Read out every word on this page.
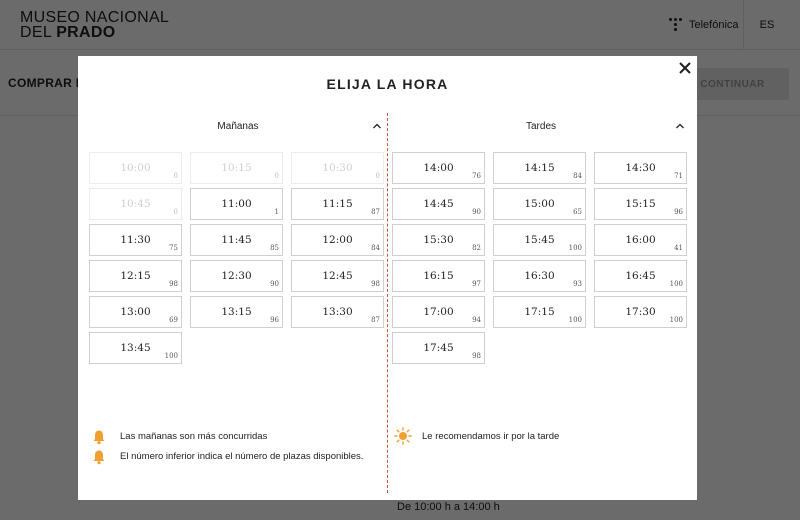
ELIJA LA HORA
Mañanas
10:00
0
10:15
0
10:30
0
10:45
0
11:00
1
11:15
87
11:30
75
11:45
85
12:00
84
12:15
98
12:30
90
12:45
98
13:00
69
13:15
96
13:30
87
13:45
100
Tardes
14:00
76
14:15
84
14:30
71
14:45
90
15:00
65
15:15
96
15:30
82
15:45
100
16:00
41
16:15
97
16:30
93
16:45
100
17:00
94
17:15
100
17:30
100
17:45
98
Las mañanas son más concurridas
El número inferior indica el número de plazas disponibles.
Le recomendamos ir por la tarde
